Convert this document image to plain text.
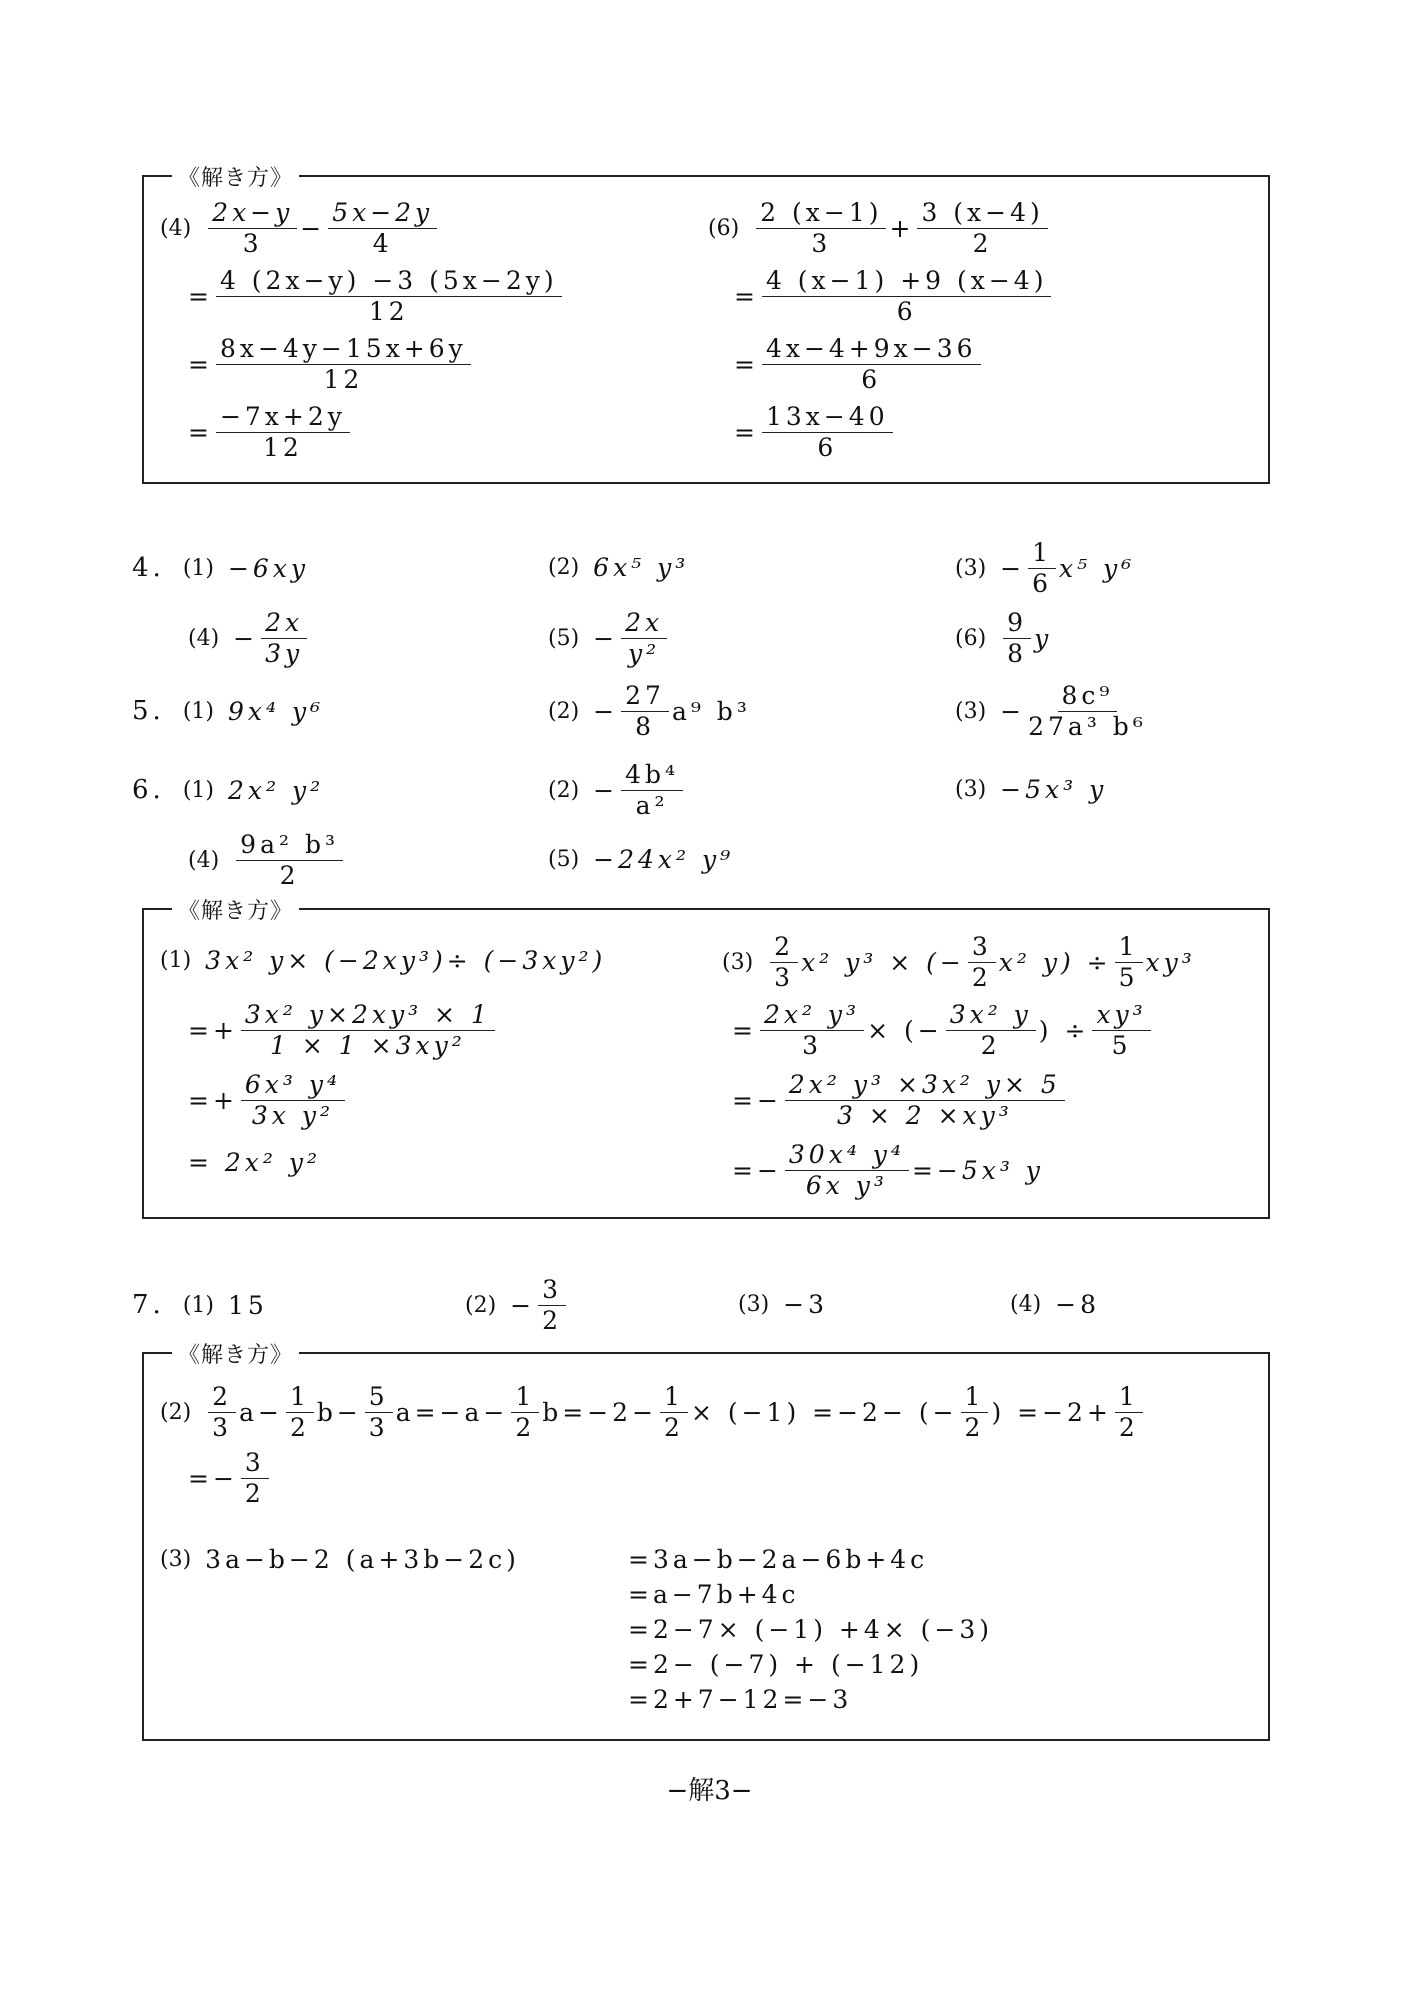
《解き方》
$(4) \frac{2x-y}{3} - \frac{5x-2y}{4}$
= $\frac{4 (2x-y) -3 (5x-2y)}{12}$
= $\frac{8x-4y-15x+6y}{12}$
= $\frac{-7x+2y}{12}$
$(6) \frac{2 (x-1)}{3} + \frac{3 (x-4)}{2}$
= $\frac{4 (x-1) +9 (x-4)}{6}$
= $\frac{4x-4+9x-36}{6}$
= $\frac{13x-40}{6}$
4. (1) −6xy	(2) 6x⁵ y³	$(3) - \frac{1}{6} x^5$ y⁶
$(4) - \frac{2x}{3y}$	$(5) - \frac{2x}{\text{y²}}$	$(6) \frac{9}{8}$ y
5. (1) 9x⁴ y⁶	$(2) - \frac{27}{8} a^9$ b³	$(3) - \frac{\text{8c⁹}}{\text{27a³ b⁶}}$
6. (1) 2x² y²	$(2) - \frac{\text{4b⁴}}{\text{a²}}$	(3) −5x³ y
$(4) \frac{\text{9a² b³}}{2}$	(5) −24x² y⁹
《解き方》
(1) 3x² y× (−2xy³)÷ (−3xy²)
=+ $\frac{\text{3x² y×2xy³ × 1}}{\text{1 × 1 ×3xy²}}$
=+ $\frac{\text{6x³ y⁴}}{\text{3x y²}}$
= 2x² y²
$(3) \frac{2}{3} x^2$ y³ × (− $\frac{3}{2} x^2$ $y) \div \frac{1}{5} xy^3$
= $\frac{\text{2x² y³}}{3}$ × (− $\frac{\text{3x² y}}{2}$ ) ÷ $\frac{\text{xy³}}{5}$
=− $\frac{\text{2x² y³ ×3x² y× 5}}{\text{3 × 2 ×xy³}}$
=− $\frac{\text{30x⁴ y⁴}}{\text{6x y³}} =-5x^3$ y
7. (1) 15	$(2) - \frac{3}{2}$	(3) −3	(4) −8
《解き方》
$(2) \frac{2}{3} a- \frac{1}{2} b- \frac{5}{3} a=-a- \frac{1}{2} b=-2- \frac{1}{2} \times (-1) =-2-$ (− $\frac{1}{2}$ ) $=-2+ \frac{1}{2}$
=− $\frac{3}{2}$
(3) 3a−b−2 (a+3b−2c)	=3a−b−2a−6b+4c
=a−7b+4c
=2−7× (−1) +4× (−3)
=2− (−7) + (−12)
=2+7−12=−3
−解3−
